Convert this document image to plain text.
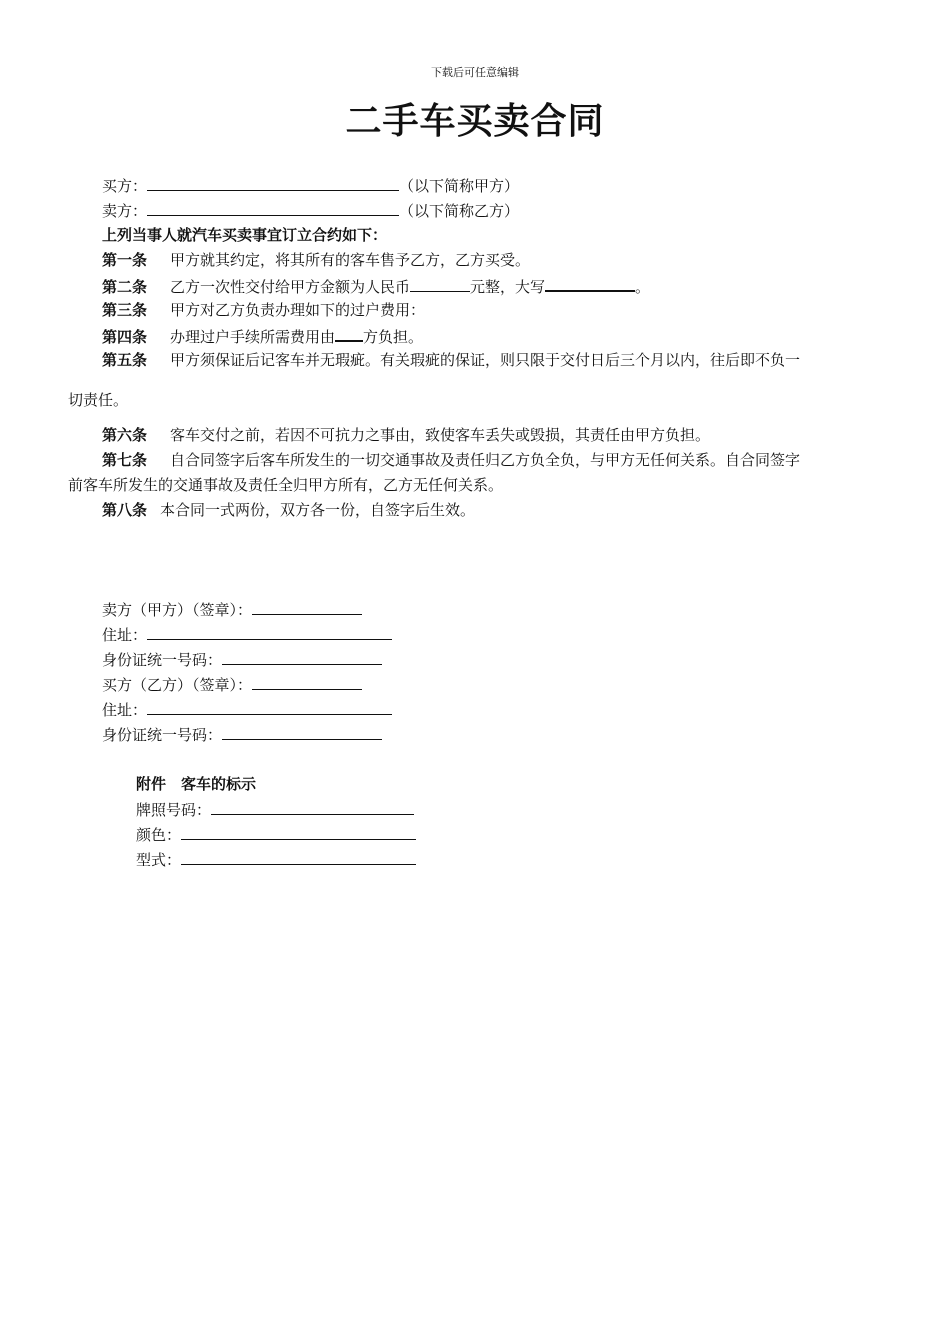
下载后可任意编辑
二手车买卖合同
买方：	（以下简称甲方）
卖方：	（以下简称乙方）
上列当事人就汽车买卖事宜订立合约如下：
第一条 甲方就其约定，将其所有的客车售予乙方，乙方买受。
第二条 乙方一次性交付给甲方金额为人民币	元整，大写	。
第三条 甲方对乙方负责办理如下的过户费用：
第四条 办理过户手续所需费用由 方负担。
第五条 甲方须保证后记客车并无瑕疵。有关瑕疵的保证，则只限于交付日后三个月以内，往后即不负一
切责任。
第六条 客车交付之前，若因不可抗力之事由，致使客车丢失或毁损，其责任由甲方负担。
第七条 自合同签字后客车所发生的一切交通事故及责任归乙方负全负，与甲方无任何关系。自合同签字
前客车所发生的交通事故及责任全归甲方所有，乙方无任何关系。
第八条 本合同一式两份，双方各一份，自签字后生效。
卖方（甲方）（签章）：
住址：
身份证统一号码：
买方（乙方）（签章）：
住址：
身份证统一号码：
附件　客车的标示
牌照号码：
颜色：
型式：
